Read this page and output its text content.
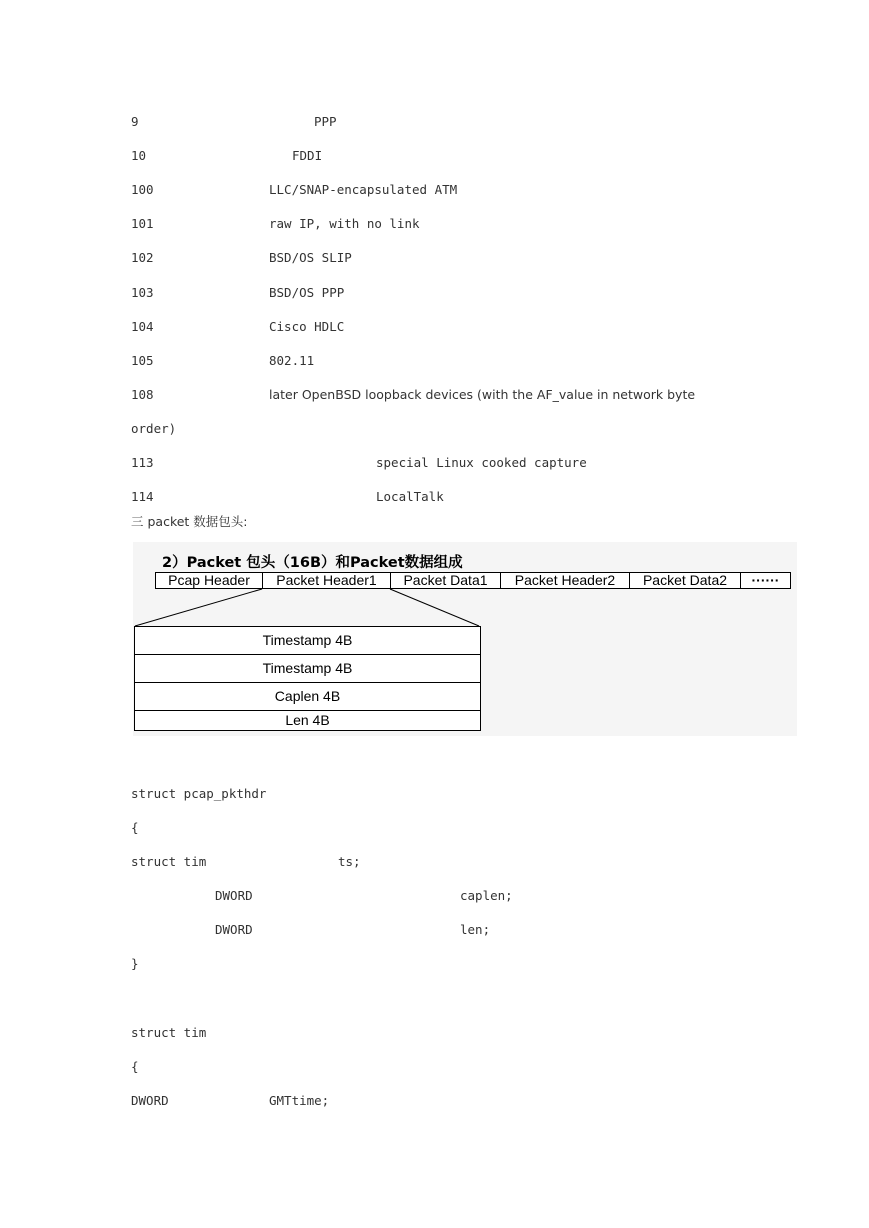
9	PPP
10	FDDI
100	LLC/SNAP-encapsulated ATM
101	raw IP, with no link
102	BSD/OS SLIP
103	BSD/OS PPP
104	Cisco HDLC
105	802.11
108	later OpenBSD loopback devices (with the AF_value in network byte
order)
113	special Linux cooked capture
114	LocalTalk
三 packet 数据包头:
2）Packet 包头（16B）和Packet数据组成
Pcap Header	Packet Header1	Packet Data1	Packet Header2	Packet Data2	······
Timestamp 4B
Timestamp 4B
Caplen 4B
Len 4B
struct pcap_pkthdr
{
struct tim	ts;
DWORD	caplen;
DWORD	len;
}
struct tim
{
DWORD	GMTtime;
